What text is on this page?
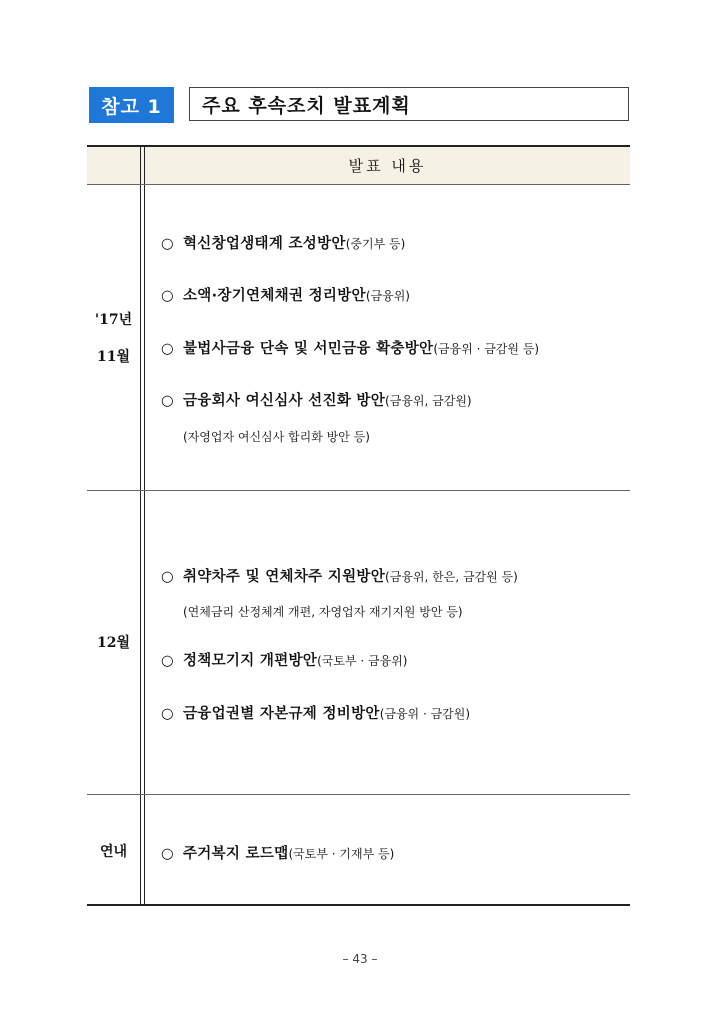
참고 1	주요 후속조치 발표계획
발표 내용
'17년
11월
○ 혁신창업생태계 조성방안(중기부 등)
○ 소액·장기연체채권 정리방안(금융위)
○ 불법사금융 단속 및 서민금융 확충방안(금융위 · 금감원 등)
○ 금융회사 여신심사 선진화 방안(금융위, 금감원)
(자영업자 여신심사 합리화 방안 등)
12월
○ 취약차주 및 연체차주 지원방안(금융위, 한은, 금감원 등)
(연체금리 산정체계 개편, 자영업자 재기지원 방안 등)
○ 정책모기지 개편방안(국토부 · 금융위)
○ 금융업권별 자본규제 정비방안(금융위 · 금감원)
연내	○ 주거복지 로드맵(국토부 · 기재부 등)
– 43 –
